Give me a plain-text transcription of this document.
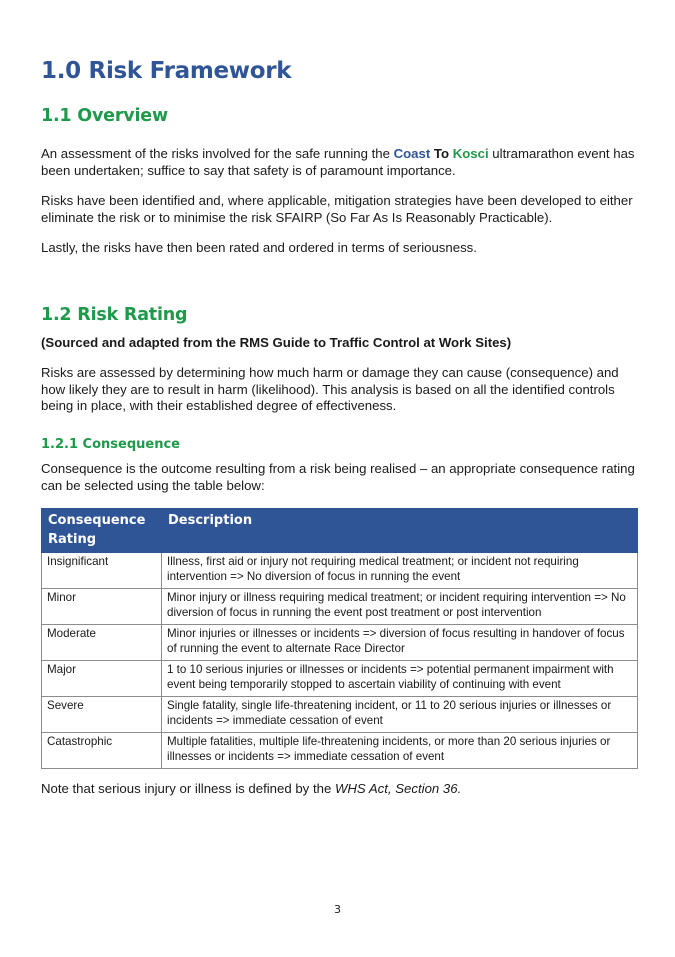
1.0 Risk Framework
1.1 Overview

An assessment of the risks involved for the safe running the Coast To Kosci ultramarathon event has been undertaken; suffice to say that safety is of paramount importance.

Risks have been identified and, where applicable, mitigation strategies have been developed to either eliminate the risk or to minimise the risk SFAIRP (So Far As Is Reasonably Practicable).

Lastly, the risks have then been rated and ordered in terms of seriousness.

1.2 Risk Rating

(Sourced and adapted from the RMS Guide to Traffic Control at Work Sites)

Risks are assessed by determining how much harm or damage they can cause (consequence) and how likely they are to result in harm (likelihood). This analysis is based on all the identified controls being in place, with their established degree of effectiveness.

1.2.1 Consequence

Consequence is the outcome resulting from a risk being realised – an appropriate consequence rating can be selected using the table below:

Consequence Rating	Description
Insignificant	Illness, first aid or injury not requiring medical treatment; or incident not requiring intervention => No diversion of focus in running the event
Minor	Minor injury or illness requiring medical treatment; or incident requiring intervention => No diversion of focus in running the event post treatment or post intervention
Moderate	Minor injuries or illnesses or incidents => diversion of focus resulting in handover of focus of running the event to alternate Race Director
Major	1 to 10 serious injuries or illnesses or incidents => potential permanent impairment with event being temporarily stopped to ascertain viability of continuing with event
Severe	Single fatality, single life-threatening incident, or 11 to 20 serious injuries or illnesses or incidents => immediate cessation of event
Catastrophic	Multiple fatalities, multiple life-threatening incidents, or more than 20 serious injuries or illnesses or incidents => immediate cessation of event

Note that serious injury or illness is defined by the WHS Act, Section 36.

3
